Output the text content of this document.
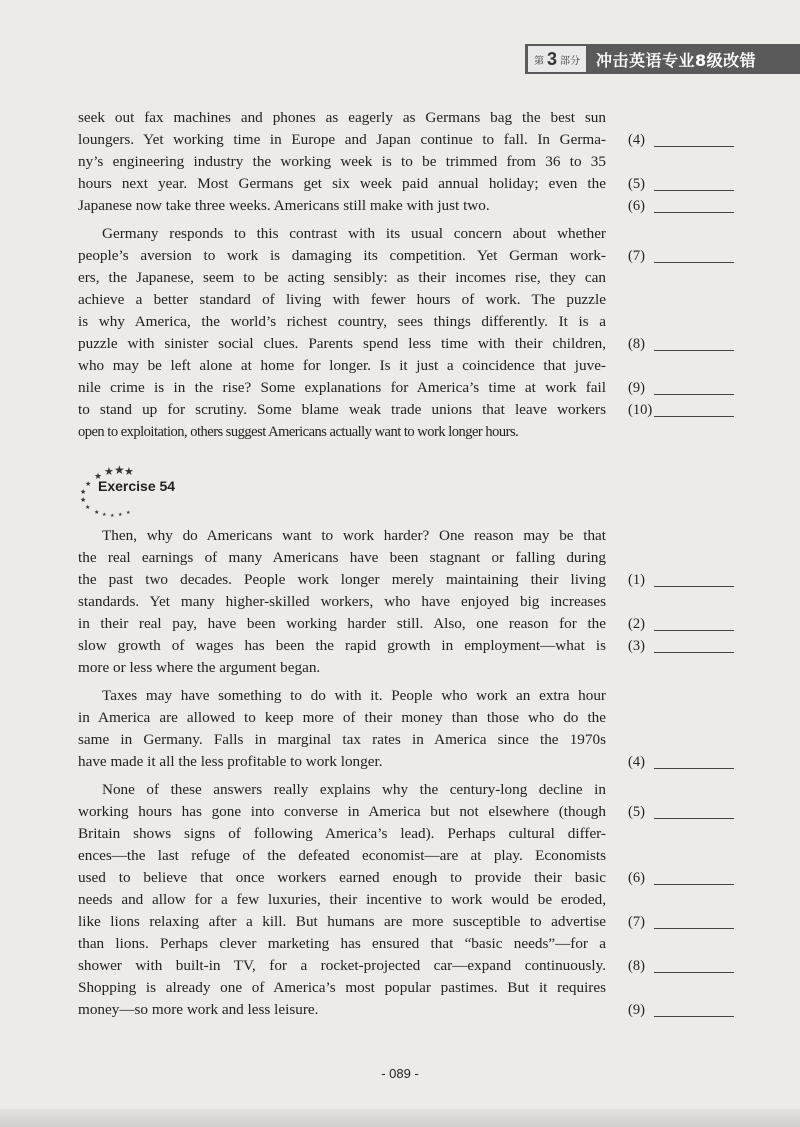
第 3 部分 冲击英语专业8级改错
seek out fax machines and phones as eagerly as Germans bag the best sun
loungers. Yet working time in Europe and Japan continue to fall. In Germa- (4)
ny’s engineering industry the working week is to be trimmed from 36 to 35
hours next year. Most Germans get six week paid annual holiday; even the (5)
Japanese now take three weeks. Americans still make with just two.	(6)
Germany responds to this contrast with its usual concern about whether
people’s aversion to work is damaging its competition. Yet German work- (7)
ers, the Japanese, seem to be acting sensibly: as their incomes rise, they can
achieve a better standard of living with fewer hours of work. The puzzle
is why America, the world’s richest country, sees things differently. It is a
puzzle with sinister social clues. Parents spend less time with their children, (8)
who may be left alone at home for longer. Is it just a coincidence that juve-
nile crime is in the rise? Some explanations for America’s time at work fail (9)
to stand up for scrutiny. Some blame weak trade unions that leave workers (10)
open to exploitation, others suggest Americans actually want to work longer hours.
★ ★ ★
★
★
★
★
★
★ ★ ★ ★ ★
Exercise 54
Then, why do Americans want to work harder? One reason may be that
the real earnings of many Americans have been stagnant or falling during
the past two decades. People work longer merely maintaining their living (1)
standards. Yet many higher-skilled workers, who have enjoyed big increases
in their real pay, have been working harder still. Also, one reason for the (2)
slow growth of wages has been the rapid growth in employment—what is (3)
more or less where the argument began.
Taxes may have something to do with it. People who work an extra hour
in America are allowed to keep more of their money than those who do the
same in Germany. Falls in marginal tax rates in America since the 1970s
have made it all the less profitable to work longer.	(4)
None of these answers really explains why the century-long decline in
working hours has gone into converse in America but not elsewhere (though (5)
Britain shows signs of following America’s lead). Perhaps cultural differ-
ences—the last refuge of the defeated economist—are at play. Economists
used to believe that once workers earned enough to provide their basic (6)
needs and allow for a few luxuries, their incentive to work would be eroded,
like lions relaxing after a kill. But humans are more susceptible to advertise (7)
than lions. Perhaps clever marketing has ensured that “basic needs”—for a
shower with built-in TV, for a rocket-projected car—expand continuously. (8)
Shopping is already one of America’s most popular pastimes. But it requires
money—so more work and less leisure.	(9)
- 089 -
